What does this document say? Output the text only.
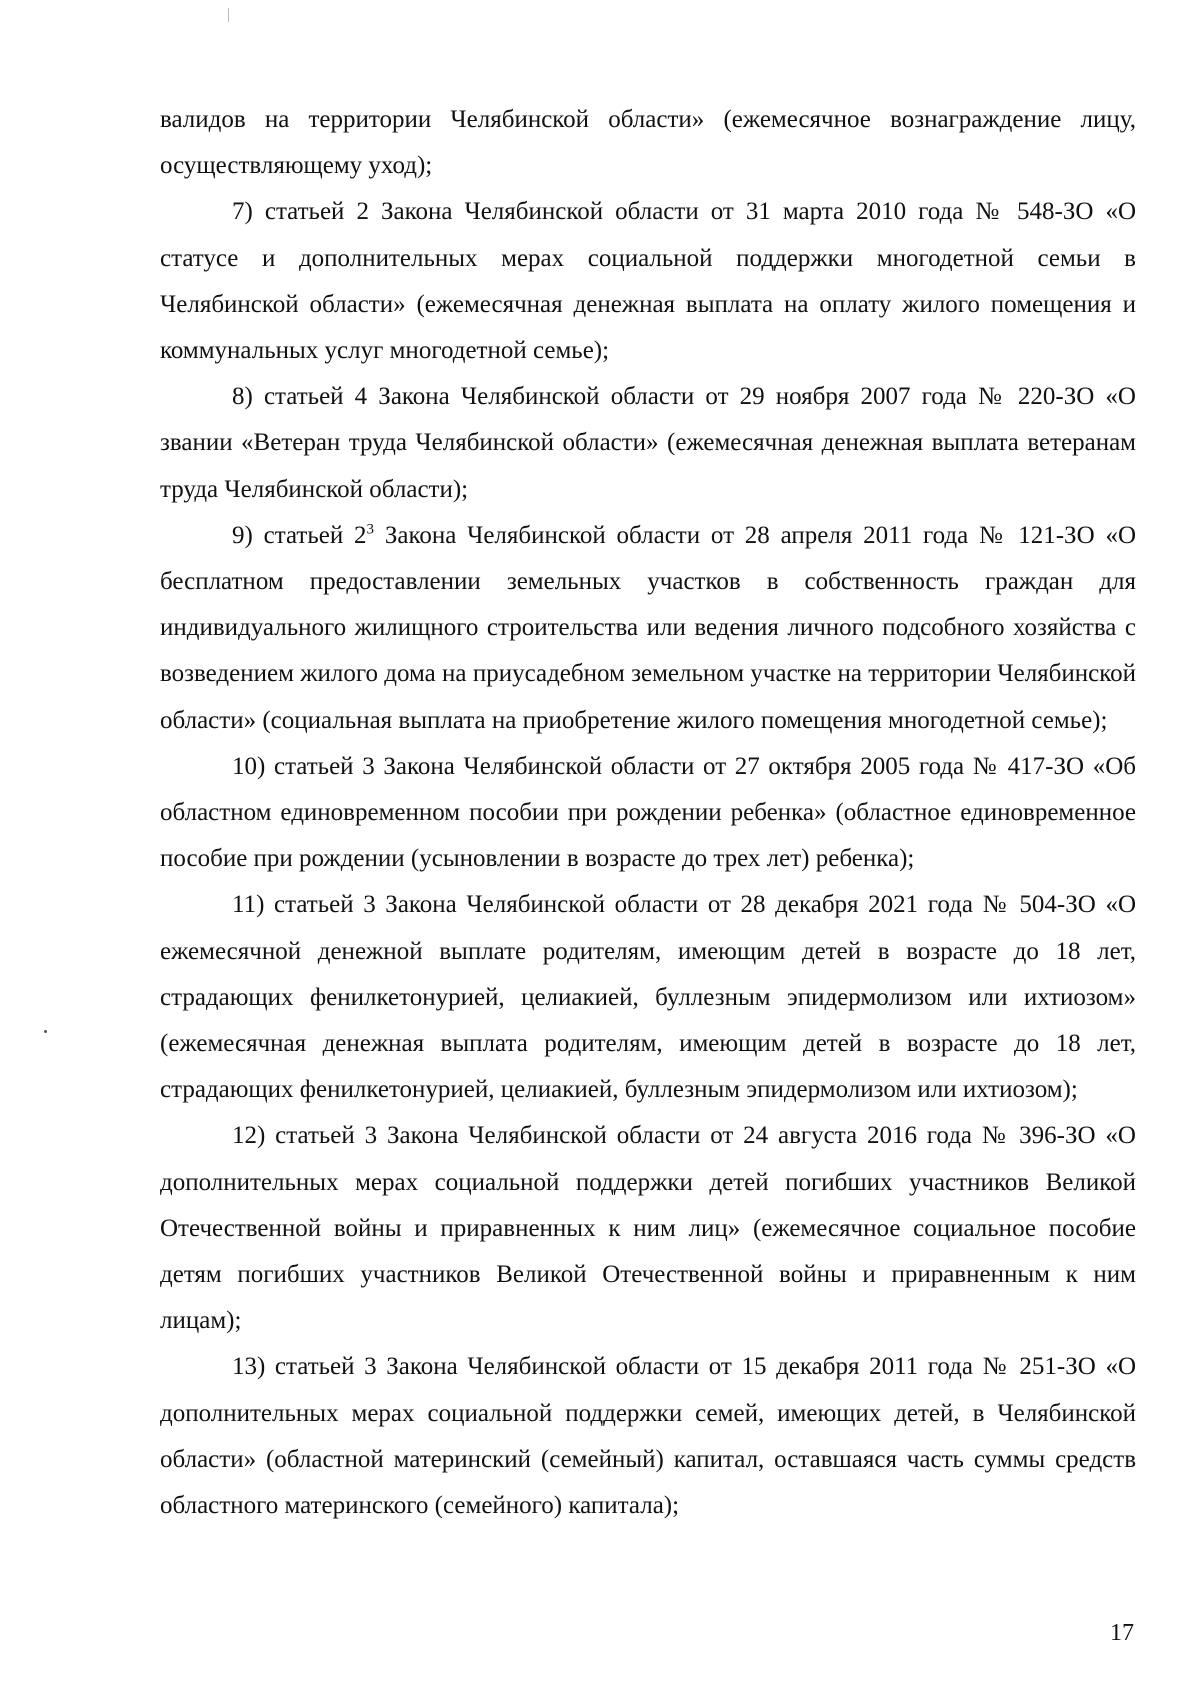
валидов на территории Челябинской области» (ежемесячное вознаграждение лицу, осуществляющему уход);

7) статьей 2 Закона Челябинской области от 31 марта 2010 года № 548-ЗО «О статусе и дополнительных мерах социальной поддержки многодетной семьи в Челябинской области» (ежемесячная денежная выплата на оплату жилого помещения и коммунальных услуг многодетной семье);

8) статьей 4 Закона Челябинской области от 29 ноября 2007 года № 220-ЗО «О звании «Ветеран труда Челябинской области» (ежемесячная денежная выплата ветеранам труда Челябинской области);

9) статьей $2^3$ Закона Челябинской области от 28 апреля 2011 года № 121-ЗО «О бесплатном предоставлении земельных участков в собственность граждан для индивидуального жилищного строительства или ведения личного подсобного хозяйства с возведением жилого дома на приусадебном земельном участке на территории Челябинской области» (социальная выплата на приобретение жилого помещения многодетной семье);

10) статьей 3 Закона Челябинской области от 27 октября 2005 года № 417-ЗО «Об областном единовременном пособии при рождении ребенка» (областное единовременное пособие при рождении (усыновлении в возрасте до трех лет) ребенка);

11) статьей 3 Закона Челябинской области от 28 декабря 2021 года № 504-ЗО «О ежемесячной денежной выплате родителям, имеющим детей в возрасте до 18 лет, страдающих фенилкетонурией, целиакией, буллезным эпидермолизом или ихтиозом» (ежемесячная денежная выплата родителям, имеющим детей в возрасте до 18 лет, страдающих фенилкетонурией, целиакией, буллезным эпидермолизом или ихтиозом);

12) статьей 3 Закона Челябинской области от 24 августа 2016 года № 396-ЗО «О дополнительных мерах социальной поддержки детей погибших участников Великой Отечественной войны и приравненных к ним лиц» (ежемесячное социальное пособие детям погибших участников Великой Отечественной войны и приравненным к ним лицам);

13) статьей 3 Закона Челябинской области от 15 декабря 2011 года № 251-ЗО «О дополнительных мерах социальной поддержки семей, имеющих детей, в Челябинской области» (областной материнский (семейный) капитал, оставшаяся часть суммы средств областного материнского (семейного) капитала);

17
